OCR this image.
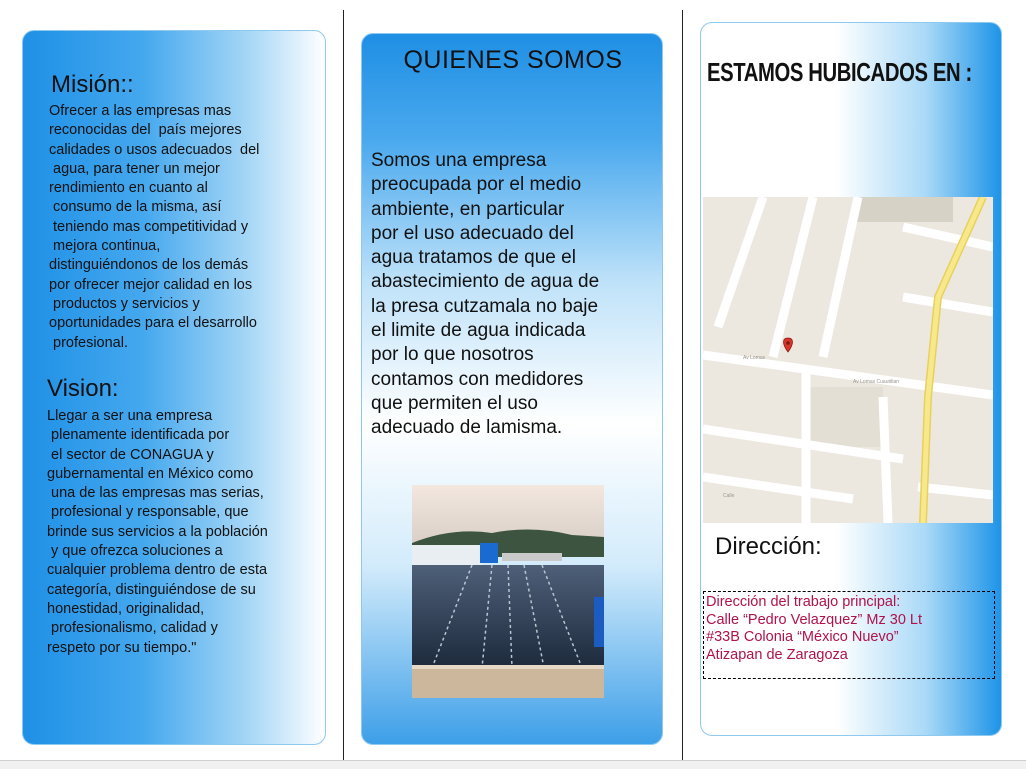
Misión::
Ofrecer a las empresas mas
reconocidas del  país mejores
calidades o usos adecuados  del
agua, para tener un mejor
rendimiento en cuanto al
consumo de la misma, así
teniendo mas competitividad y
mejora continua,
distinguiéndonos de los demás
por ofrecer mejor calidad en los
productos y servicios y
oportunidades para el desarrollo
profesional.
Vision:
Llegar a ser una empresa
plenamente identificada por
el sector de CONAGUA y
gubernamental en México como
una de las empresas mas serias,
profesional y responsable, que
brinde sus servicios a la población
y que ofrezca soluciones a
cualquier problema dentro de esta
categoría, distinguiéndose de su
honestidad, originalidad,
profesionalismo, calidad y
respeto por su tiempo."
QUIENES SOMOS
Somos una empresa
preocupada por el medio
ambiente, en particular
por el uso adecuado del
agua tratamos de que el
abastecimiento de agua de
la presa cutzamala no baje
el limite de agua indicada
por lo que nosotros
contamos con medidores
que permiten el uso
adecuado de lamisma.
ESTAMOS HUBICADOS EN :
Av Lomas
Av Lomas Cuautitlan
Calle
Dirección:
Dirección del trabajo principal:
Calle “Pedro Velazquez” Mz 30 Lt
#33B Colonia “México Nuevo”
Atizapan de Zaragoza
